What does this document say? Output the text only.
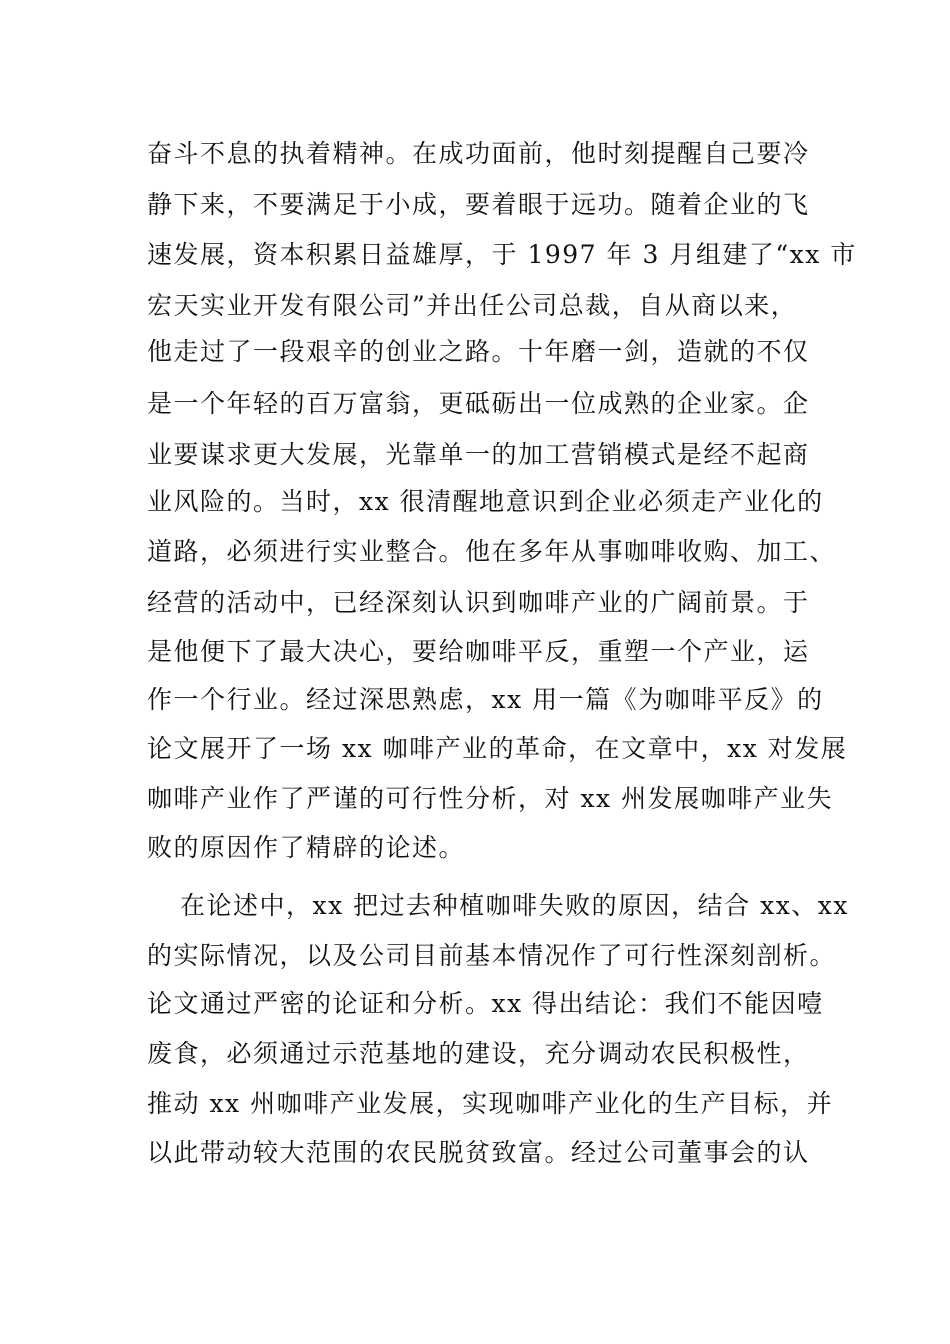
奋斗不息的执着精神。在成功面前，他时刻提醒自己要冷
静下来，不要满足于小成，要着眼于远功。随着企业的飞
速发展，资本积累日益雄厚，于 1997 年 3 月组建了“xx 市
宏天实业开发有限公司”并出任公司总裁，自从商以来，
他走过了一段艰辛的创业之路。十年磨一剑，造就的不仅
是一个年轻的百万富翁，更砥砺出一位成熟的企业家。企
业要谋求更大发展，光靠单一的加工营销模式是经不起商
业风险的。当时，xx 很清醒地意识到企业必须走产业化的
道路，必须进行实业整合。他在多年从事咖啡收购、加工、
经营的活动中，已经深刻认识到咖啡产业的广阔前景。于
是他便下了最大决心，要给咖啡平反，重塑一个产业，运
作一个行业。经过深思熟虑，xx 用一篇《为咖啡平反》的
论文展开了一场 xx 咖啡产业的革命，在文章中，xx 对发展
咖啡产业作了严谨的可行性分析，对 xx 州发展咖啡产业失
败的原因作了精辟的论述。
在论述中，xx 把过去种植咖啡失败的原因，结合 xx、xx
的实际情况，以及公司目前基本情况作了可行性深刻剖析。
论文通过严密的论证和分析。xx 得出结论：我们不能因噎
废食，必须通过示范基地的建设，充分调动农民积极性，
推动 xx 州咖啡产业发展，实现咖啡产业化的生产目标，并
以此带动较大范围的农民脱贫致富。经过公司董事会的认
